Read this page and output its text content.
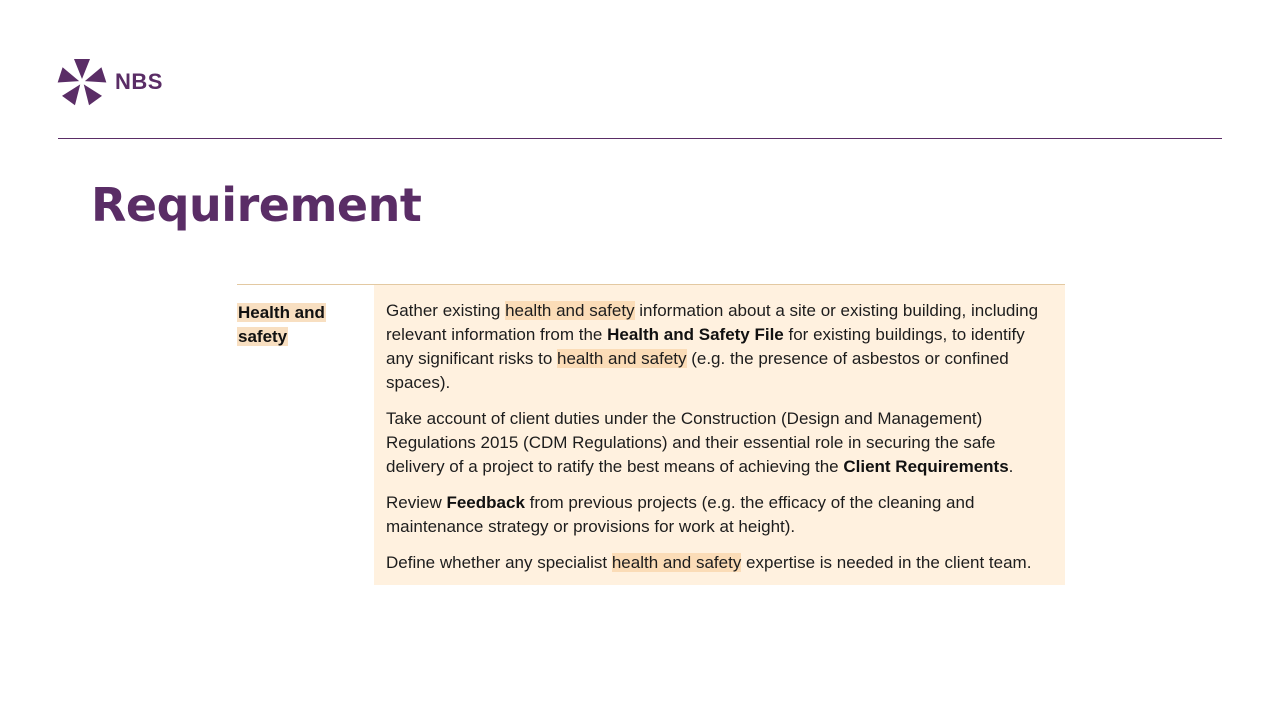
NBS
Requirement
Health and
safety

Gather existing health and safety information about a site or existing building, including relevant information from the Health and Safety File for existing buildings, to identify any significant risks to health and safety (e.g. the presence of asbestos or confined spaces).

Take account of client duties under the Construction (Design and Management) Regulations 2015 (CDM Regulations) and their essential role in securing the safe delivery of a project to ratify the best means of achieving the Client Requirements.

Review Feedback from previous projects (e.g. the efficacy of the cleaning and maintenance strategy or provisions for work at height).

Define whether any specialist health and safety expertise is needed in the client team.
